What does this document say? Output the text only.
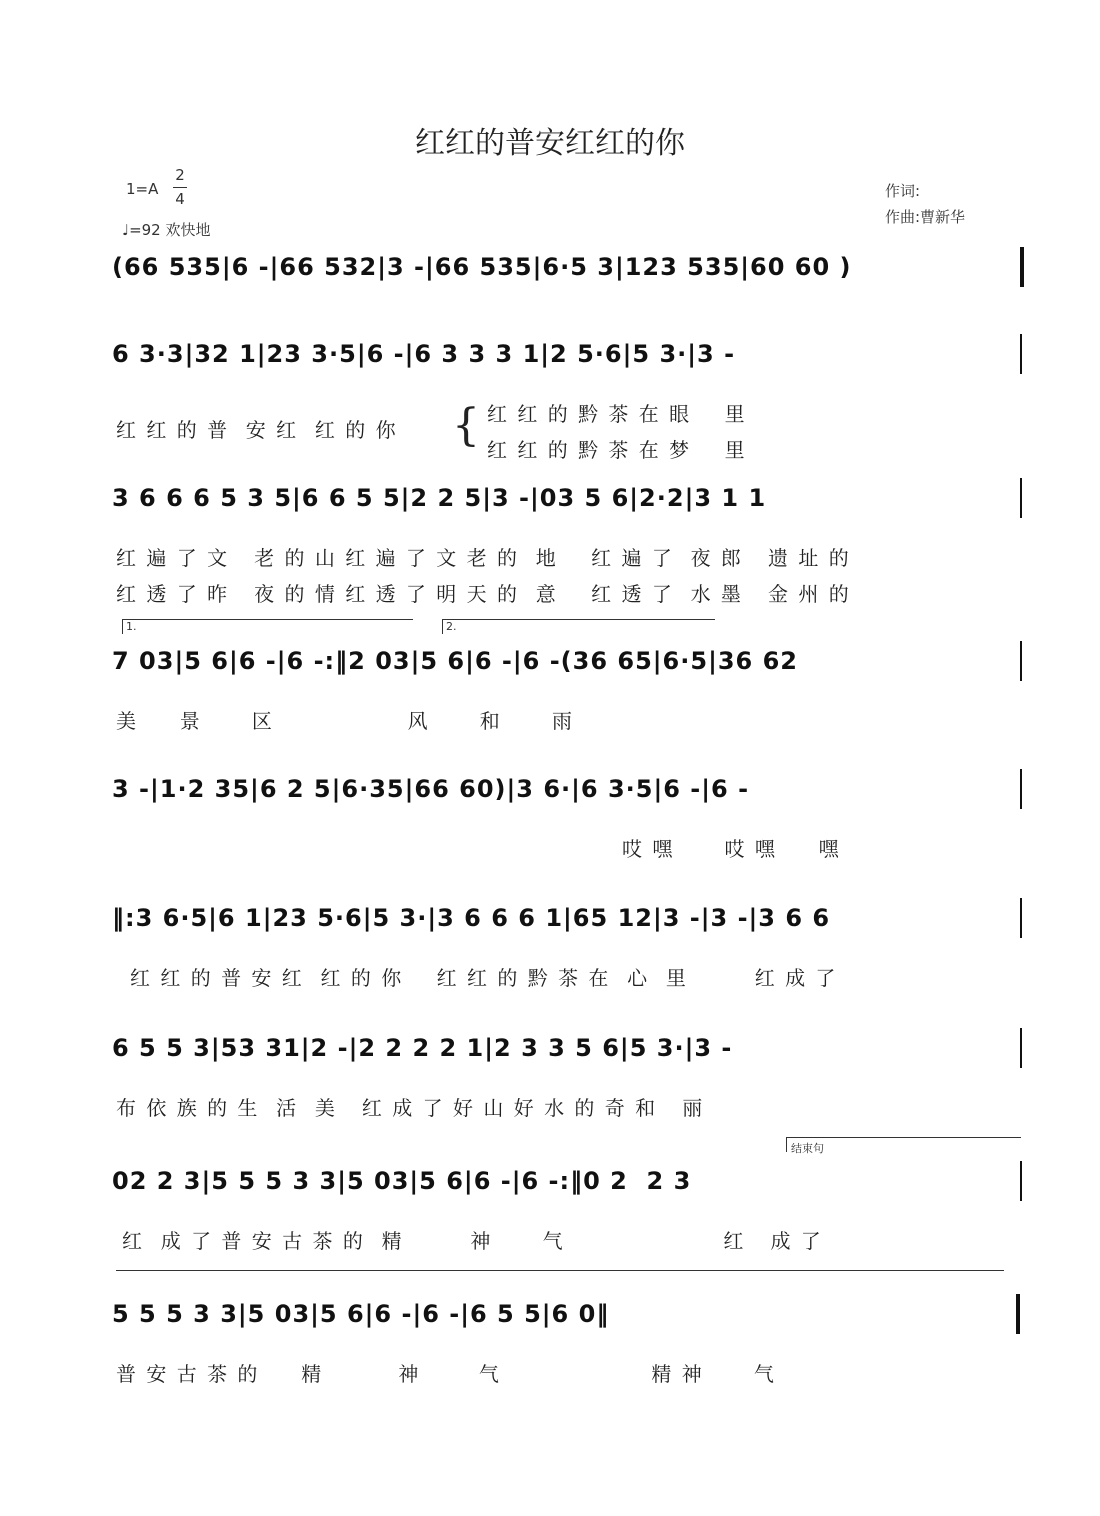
红红的普安红红的你
1=A
2
4
♩=92 欢快地
作词:
作曲:曹新华
(66 535|6 -|66 532|3 -|66 535|6·5 3|123 535|60 60 )
6 3·3|32 1|23 3·5|6 -|6 3 3 3 1|2 5·6|5 3·|3 -
红 红 的 普  安 红  红 的 你 { 红 红 的 黔 茶 在 眼    里
红 红 的 黔 茶 在 梦    里
3 6 6 6 5 3 5|6 6 5 5|2 2 5|3 -|03 5 6|2·2|3 1 1
红 遍 了 文   老 的 山 红 遍 了 文 老 的  地    红 遍 了  夜 郎   遗 址 的
红 透 了 昨   夜 的 情 红 透 了 明 天 的  意    红 透 了  水 墨   金 州 的
1.	2.
7 03|5 6|6 -|6 -:‖2 03|5 6|6 -|6 -(36 65|6·5|36 62
美     景      区                风      和      雨
3 -|1·2 35|6 2 5|6·35|66 60)|3 6·|6 3·5|6 -|6 -
哎 嘿      哎 嘿     嘿
‖:3 6·5|6 1|23 5·6|5 3·|3 6 6 6 1|65 12|3 -|3 -|3 6 6
红 红 的 普 安 红  红 的 你    红 红 的 黔 茶 在  心  里        红 成 了
6 5 5 3|53 31|2 -|2 2 2 2 1|2 3 3 5 6|5 3·|3 -
布 依 族 的 生  活  美   红 成 了 好 山 好 水 的 奇 和   丽
结束句
02 2 3|5 5 5 3 3|5 03|5 6|6 -|6 -:‖0 2  2 3
红  成 了 普 安 古 茶 的  精        神      气                   红   成 了
5 5 5 3 3|5 03|5 6|6 -|6 -|6 5 5|6 0‖
普 安 古 茶 的     精         神       气                  精 神      气
